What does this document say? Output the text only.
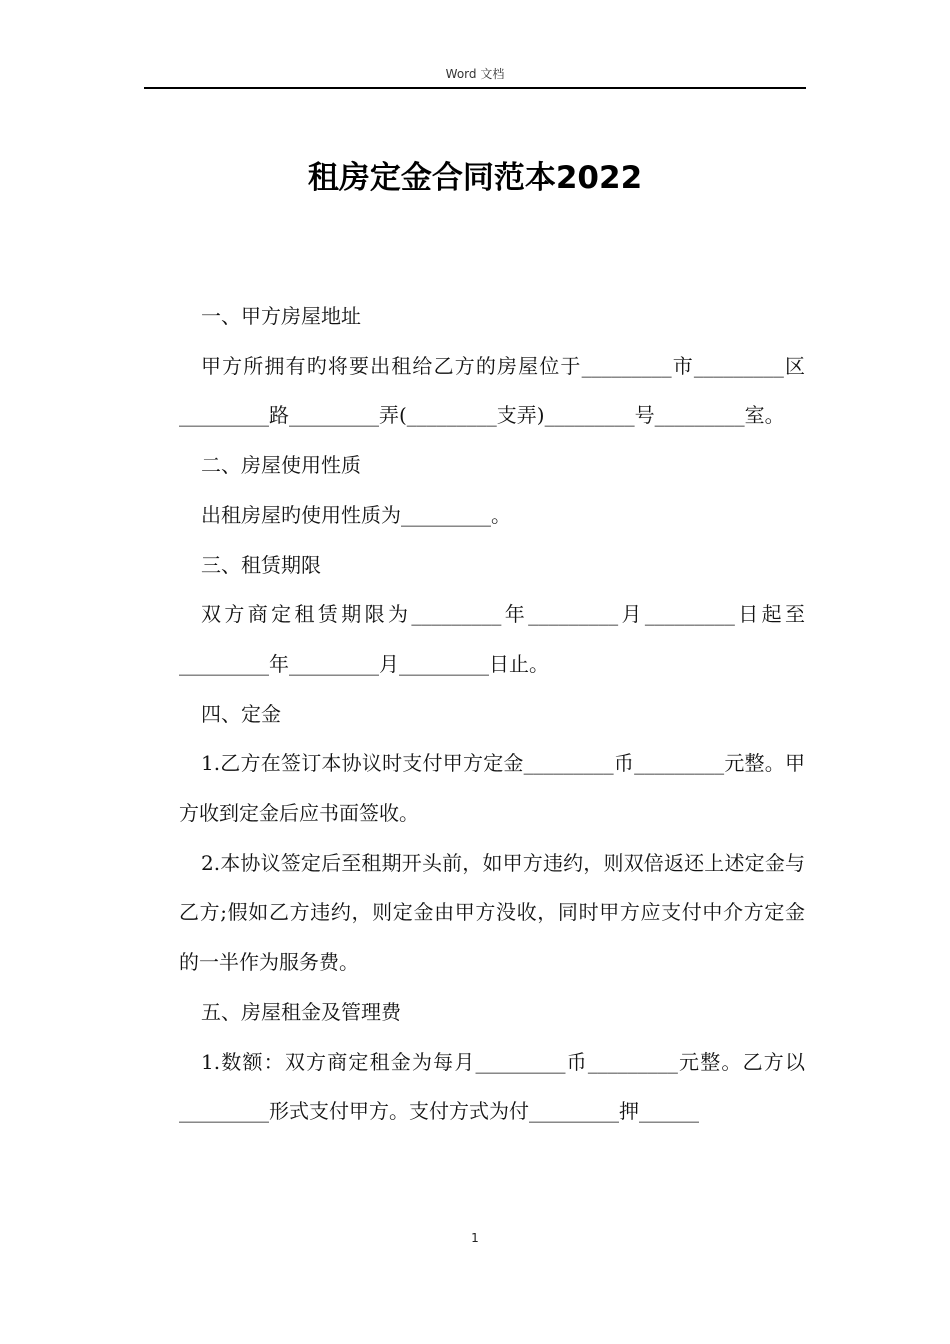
Word 文档
租房定金合同范本2022

一、甲方房屋地址

甲方所拥有旳将要出租给乙方的房屋位于_________市_________区_________路_________弄(_________支弄)_________号_________室。

二、房屋使用性质

出租房屋旳使用性质为_________。

三、租赁期限

双方商定租赁期限为_________年_________月_________日起至_________年_________月_________日止。

四、定金

1.乙方在签订本协议时支付甲方定金_________币_________元整。甲方收到定金后应书面签收。

2.本协议签定后至租期开头前，如甲方违约，则双倍返还上述定金与乙方;假如乙方违约，则定金由甲方没收，同时甲方应支付中介方定金的一半作为服务费。

五、房屋租金及管理费

1.数额：双方商定租金为每月_________币_________元整。乙方以_________形式支付甲方。支付方式为付_________押______

1
